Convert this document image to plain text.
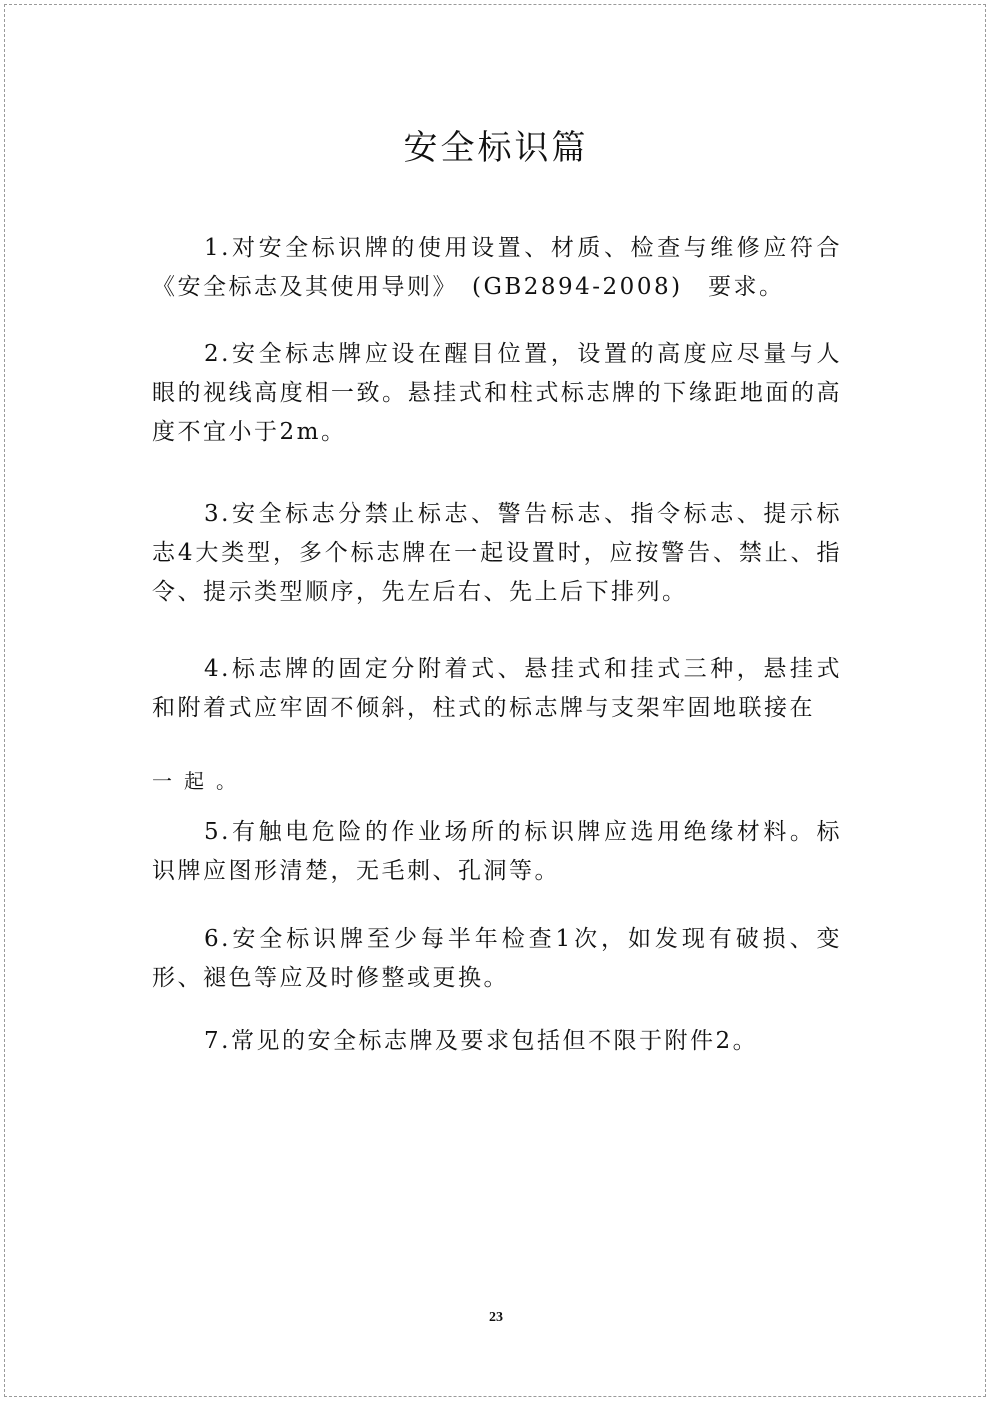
安全标识篇

1.对安全标识牌的使用设置、材质、检查与维修应符合《安全标志及其使用导则》　(GB2894-2008)　要求。

2.安全标志牌应设在醒目位置，设置的高度应尽量与人眼的视线高度相一致。悬挂式和柱式标志牌的下缘距地面的高度不宜小于2m。

3.安全标志分禁止标志、警告标志、指令标志、提示标志4大类型，多个标志牌在一起设置时，应按警告、禁止、指令、提示类型顺序，先左后右、先上后下排列。

4.标志牌的固定分附着式、悬挂式和挂式三种，悬挂式和附着式应牢固不倾斜，柱式的标志牌与支架牢固地联接在

一起。

5.有触电危险的作业场所的标识牌应选用绝缘材料。标识牌应图形清楚，无毛刺、孔洞等。

6.安全标识牌至少每半年检查1次，如发现有破损、变形、褪色等应及时修整或更换。

7.常见的安全标志牌及要求包括但不限于附件2。

23
